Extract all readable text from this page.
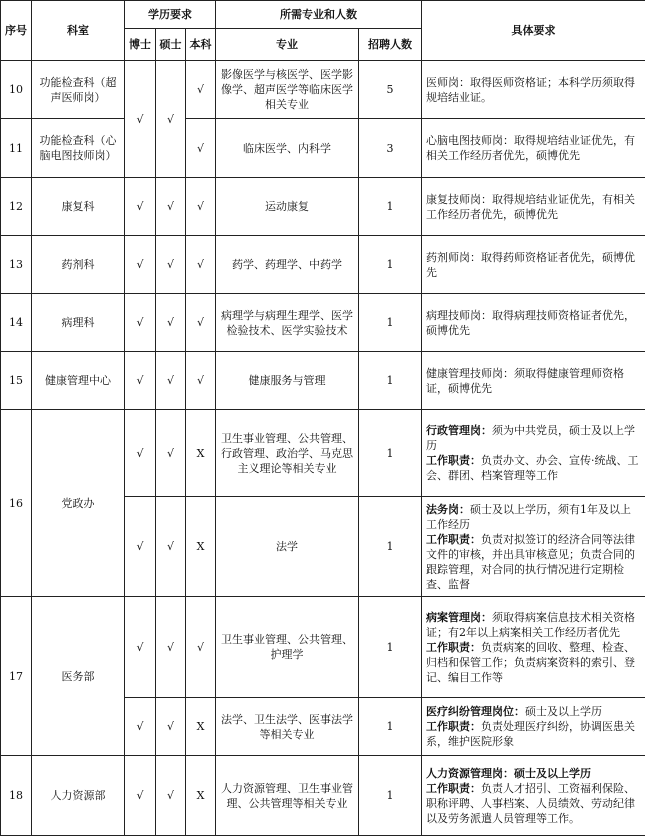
序号	科室	学历要求			所需专业和人数		具体要求
		博士	硕士	本科	专业	招聘人数	
10	功能检查科（超声医师岗）	√	√	√	影像医学与核医学、医学影像学、超声医学等临床医学相关专业	5	医师岗：取得医师资格证；本科学历须取得规培结业证。
11	功能检查科（心脑电图技师岗）			√	临床医学、内科学	3	心脑电图技师岗：取得规培结业证优先，有相关工作经历者优先，硕博优先
12	康复科	√	√	√	运动康复	1	康复技师岗：取得规培结业证优先，有相关工作经历者优先，硕博优先
13	药剂科	√	√	√	药学、药理学、中药学	1	药剂师岗：取得药师资格证者优先，硕博优先
14	病理科	√	√	√	病理学与病理生理学、医学检验技术、医学实验技术	1	病理技师岗：取得病理技师资格证者优先，硕博优先
15	健康管理中心	√	√	√	健康服务与管理	1	健康管理技师岗：须取得健康管理师资格证，硕博优先
16	党政办	√	√	X	卫生事业管理、公共管理、行政管理、政治学、马克思主义理论等相关专业	1	行政管理岗：须为中共党员，硕士及以上学历
工作职责：负责办文、办会、宣传·统战、工会、群团、档案管理等工作

		√	√	X	法学	1	法务岗：硕士及以上学历，须有1年及以上工作经历
工作职责：负责对拟签订的经济合同等法律文件的审核，并出具审核意见；负责合同的跟踪管理，对合同的执行情况进行定期检查、监督

17	医务部	√	√	√	卫生事业管理、公共管理、护理学	1	病案管理岗：须取得病案信息技术相关资格证；有2年以上病案相关工作经历者优先
工作职责：负责病案的回收、整理、检查、归档和保管工作；负责病案资料的索引、登记、编目工作等

		√	√	X	法学、卫生法学、医事法学等相关专业	1	医疗纠纷管理岗位：硕士及以上学历
工作职责：负责处理医疗纠纷，协调医患关系，维护医院形象

18	人力资源部	√	√	X	人力资源管理、卫生事业管理、公共管理等相关专业	1	人力资源管理岗：硕士及以上学历
工作职责：负责人才招引、工资福利保险、职称评聘、人事档案、人员绩效、劳动纪律以及劳务派遣人员管理等工作。
